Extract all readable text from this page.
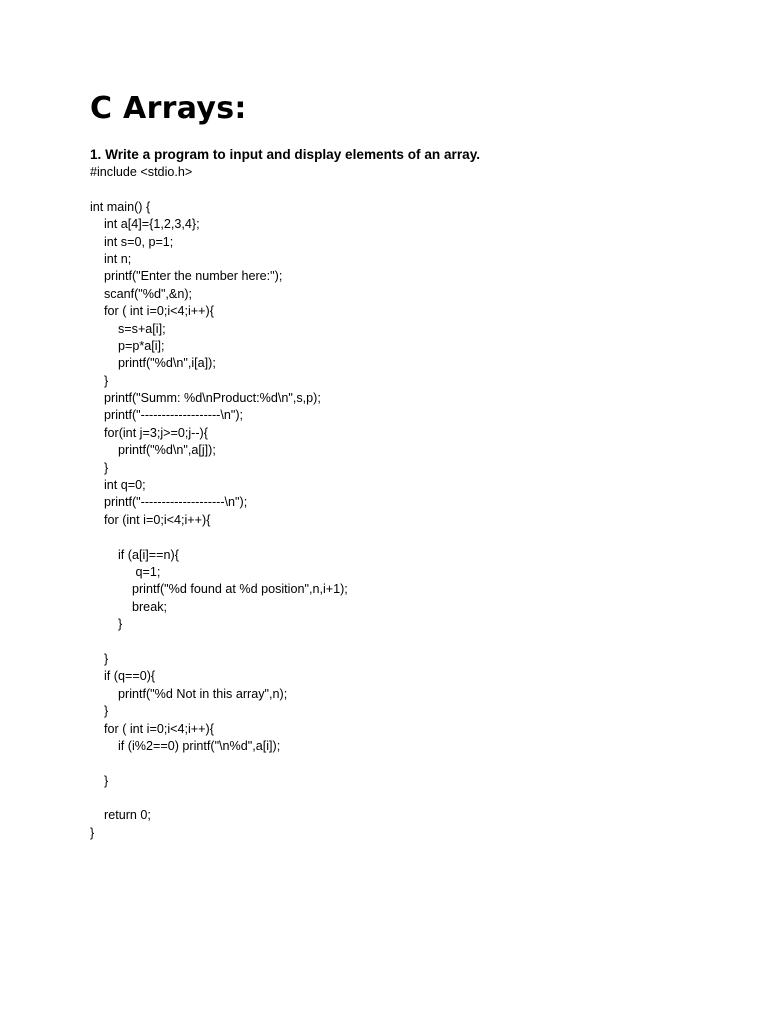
C Arrays:

1. Write a program to input and display elements of an array.

#include <stdio.h>
int main() {
int a[4]={1,2,3,4};
int s=0, p=1;
int n;
printf("Enter the number here:");
scanf("%d",&n);
for ( int i=0;i<4;i++){
s=s+a[i];
p=p*a[i];
printf("%d\n",i[a]);
}
printf("Summ: %d\nProduct:%d\n",s,p);
printf("-------------------\n");
for(int j=3;j>=0;j--){
printf("%d\n",a[j]);
}
int q=0;
printf("--------------------\n");
for (int i=0;i<4;i++){
if (a[i]==n){
q=1;
printf("%d found at %d position",n,i+1);
break;
}
}
if (q==0){
printf("%d Not in this array",n);
}
for ( int i=0;i<4;i++){
if (i%2==0) printf("\n%d",a[i]);
}
return 0;
}
